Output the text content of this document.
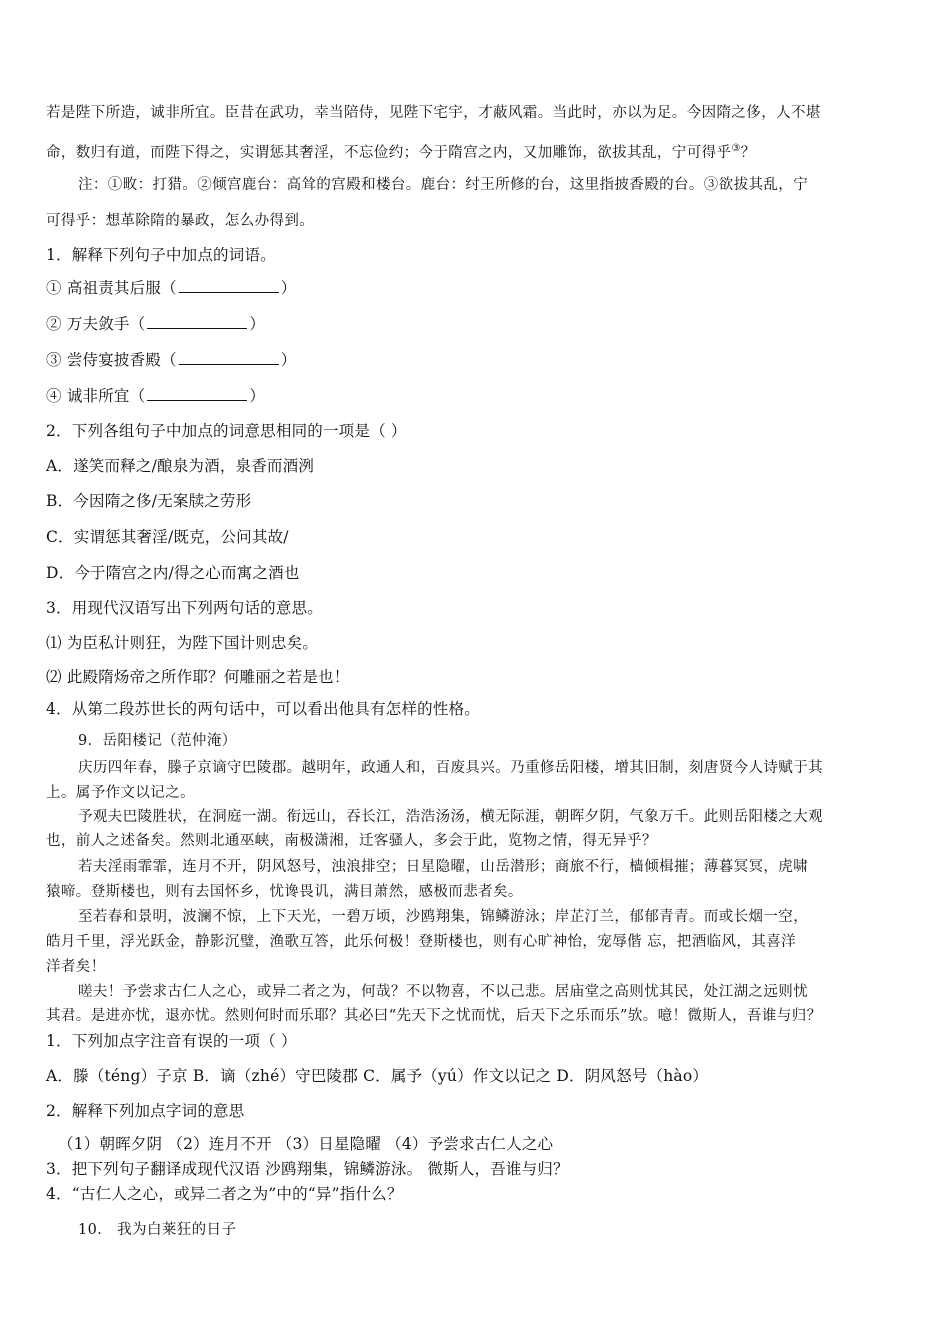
若是陛下所造，诚非所宜。臣昔在武功，幸当陪侍，见陛下宅宇，才蔽风霜。当此时，亦以为足。今因隋之侈，人不堪
命，数归有道，而陛下得之，实谓惩其奢淫，不忘俭约；今于隋宫之内，又加雕饰，欲拔其乱，宁可得乎③？
注：①畋：打猎。②倾宫鹿台：高耸的宫殿和楼台。鹿台：纣王所修的台，这里指披香殿的台。③欲拔其乱，宁
可得乎：想革除隋的暴政，怎么办得到。
1．解释下列句子中加点的词语。
① 高祖责其后服（	）
② 万夫敛手（	）
③ 尝侍宴披香殿（	）
④ 诚非所宜（	）
2．下列各组句子中加点的词意思相同的一项是（ ）
A．遂笑而释之/酿泉为酒，泉香而酒洌
B．今因隋之侈/无案牍之劳形
C．实谓惩其奢淫/既克，公问其故/
D．今于隋宫之内/得之心而寓之酒也
3．用现代汉语写出下列两句话的意思。
⑴ 为臣私计则狂，为陛下国计则忠矣。
⑵ 此殿隋炀帝之所作耶？何雕丽之若是也！
4．从第二段苏世长的两句话中，可以看出他具有怎样的性格。
9．岳阳楼记（范仲淹）
庆历四年春，滕子京谪守巴陵郡。越明年，政通人和，百废具兴。乃重修岳阳楼，增其旧制，刻唐贤今人诗赋于其
上。属予作文以记之。
予观夫巴陵胜状，在洞庭一湖。衔远山，吞长江，浩浩汤汤，横无际涯，朝晖夕阴，气象万千。此则岳阳楼之大观
也，前人之述备矣。然则北通巫峡，南极潇湘，迁客骚人，多会于此，览物之情，得无异乎？
若夫淫雨霏霏，连月不开，阴风怒号，浊浪排空；日星隐曜，山岳潜形；商旅不行，樯倾楫摧；薄暮冥冥，虎啸
猿啼。登斯楼也，则有去国怀乡，忧谗畏讥，满目萧然，感极而悲者矣。
至若春和景明，波澜不惊，上下天光，一碧万顷，沙鸥翔集，锦鳞游泳；岸芷汀兰，郁郁青青。而或长烟一空，
皓月千里，浮光跃金，静影沉璧，渔歌互答，此乐何极！登斯楼也，则有心旷神怡，宠辱偕 忘，把酒临风，其喜洋
洋者矣！
嗟夫！予尝求古仁人之心，或异二者之为，何哉？不以物喜，不以己悲。居庙堂之高则忧其民，处江湖之远则忧
其君。是进亦忧，退亦忧。然则何时而乐耶？其必曰“先天下之忧而忧，后天下之乐而乐”欤。噫！微斯人，吾谁与归？
1．下列加点字注音有误的一项（ ）
A．滕（téng）子京 B．谪（zhé）守巴陵郡 C．属予（yú）作文以记之 D．阴风怒号（hào）
2．解释下列加点字词的意思
（1）朝晖夕阴 （2）连月不开 （3）日星隐曜 （4）予尝求古仁人之心
3．把下列句子翻译成现代汉语 沙鸥翔集，锦鳞游泳。 微斯人，吾谁与归？
4．“古仁人之心，或异二者之为”中的“异”指什么？
10． 我为白莱狂的日子
